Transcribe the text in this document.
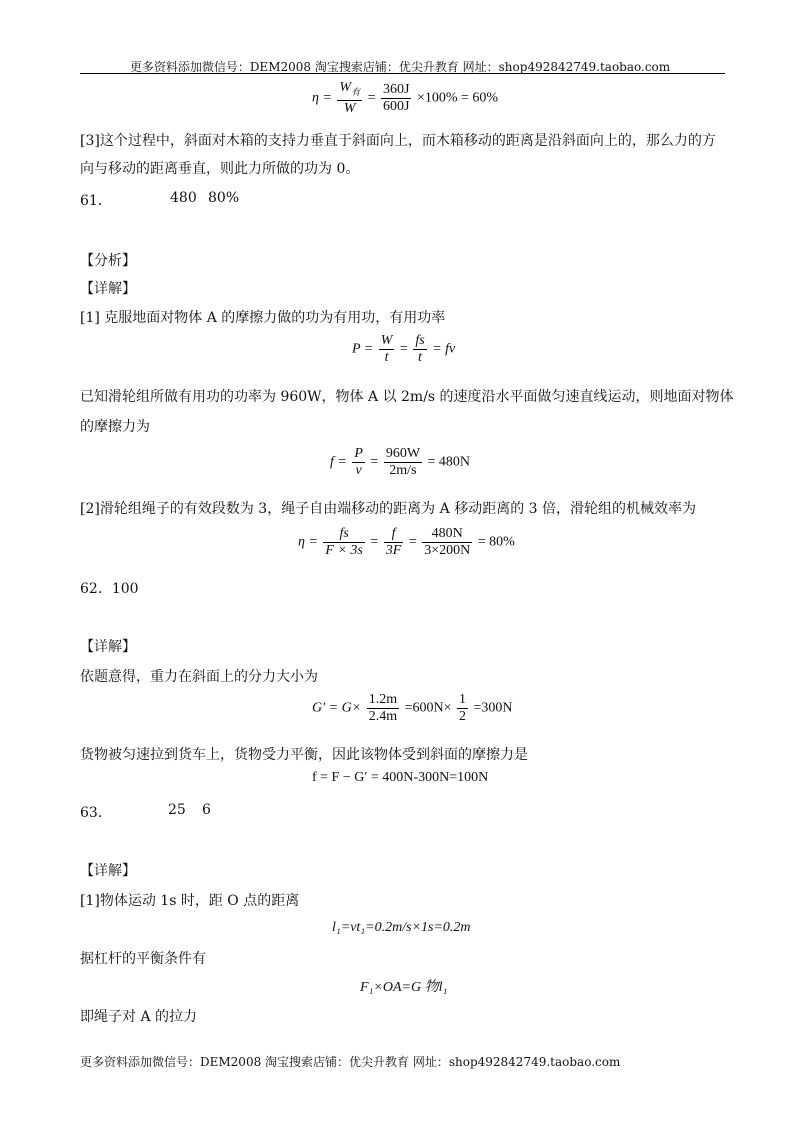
更多资料添加微信号：DEM2008 淘宝搜索店铺：优尖升教育 网址：shop492842749.taobao.com
$\eta = \frac{W_有}{W} = \frac{360J}{600J} \times 100\% = 60\%$
[3]这个过程中，斜面对木箱的支持力垂直于斜面向上，而木箱移动的距离是沿斜面向上的，那么力的方
向与移动的距离垂直，则此力所做的功为 0。
61．	480 80%
【分析】
【详解】
[1] 克服地面对物体 A 的摩擦力做的功为有用功，有用功率
$P = \frac{W}{t} = \frac{fs}{t}$ = fv
已知滑轮组所做有用功的功率为 960W，物体 A 以 2m/s 的速度沿水平面做匀速直线运动，则地面对物体
的摩擦力为
$f = \frac{P}{v} = \frac{960W}{2m/s} = 480N$
[2]滑轮组绳子的有效段数为 3，绳子自由端移动的距离为 A 移动距离的 3 倍，滑轮组的机械效率为
$\eta = \frac{fs}{F \times 3s} = \frac{f}{3F} = \frac{480N}{3\times 200N} = 80\%$
62．100
【详解】
依题意得，重力在斜面上的分力大小为
$G' = G\times \frac{1.2m}{2.4m} =600N\times \frac{1}{2} =300N$
货物被匀速拉到货车上，货物受力平衡，因此该物体受到斜面的摩擦力是
f = F − G′ = 400N-300N=100N
63．	25 6
【详解】
[1]物体运动 1s 时，距 O 点的距离
l₁=vt₁=0.2m/s×1s=0.2m
据杠杆的平衡条件有
F₁×OA=G 物l₁
即绳子对 A 的拉力
更多资料添加微信号：DEM2008 淘宝搜索店铺：优尖升教育 网址：shop492842749.taobao.com
